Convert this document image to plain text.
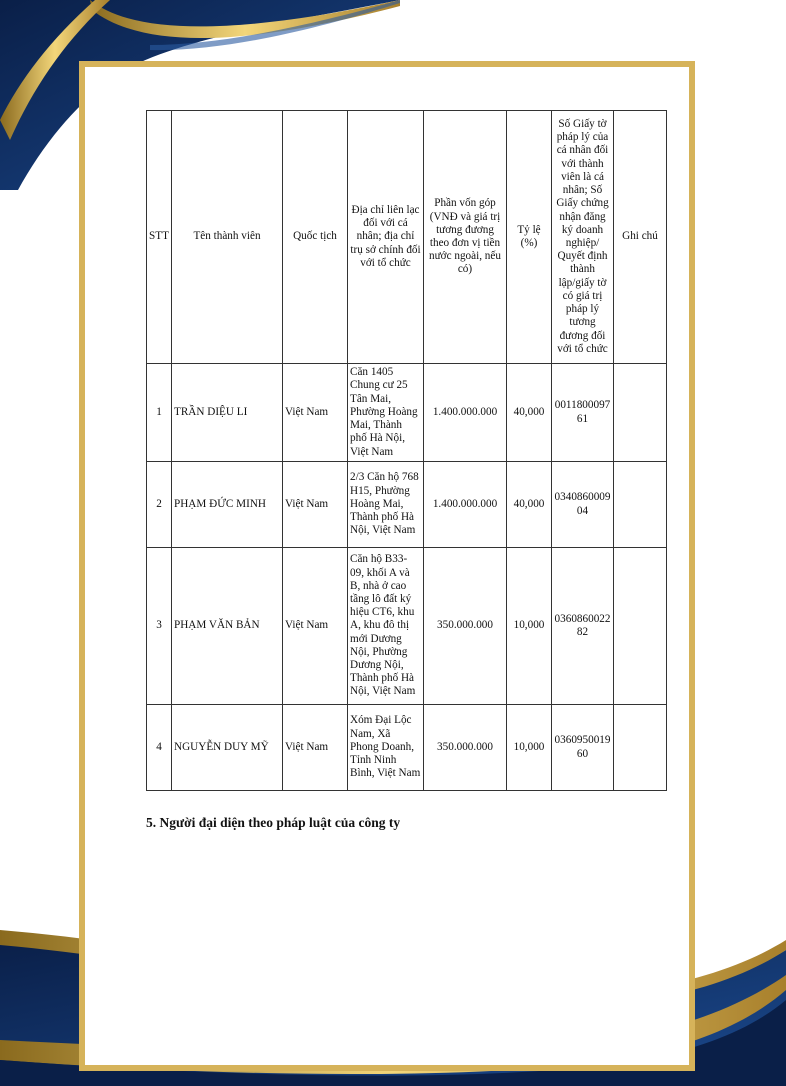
STT	Tên thành viên	Quốc tịch	Địa chỉ liên lạc đối với cá nhân; địa chỉ trụ sở chính đối với tổ chức	Phần vốn góp (VNĐ và giá trị tương đương theo đơn vị tiền nước ngoài, nếu có)	Tỷ lệ (%)	Số Giấy tờ pháp lý của cá nhân đối với thành viên là cá nhân; Số Giấy chứng nhận đăng ký doanh nghiệp/ Quyết định thành lập/giấy tờ có giá trị pháp lý tương đương đối với tổ chức	Ghi chú
1	TRẦN DIỆU LI	Việt Nam	Căn 1405 Chung cư 25 Tân Mai, Phường Hoàng Mai, Thành phố Hà Nội, Việt Nam	1.400.000.000	40,000	001180009761	
2	PHẠM ĐỨC MINH	Việt Nam	2/3 Căn hộ 768 H15, Phường Hoàng Mai, Thành phố Hà Nội, Việt Nam	1.400.000.000	40,000	034086000904	
3	PHẠM VĂN BẢN	Việt Nam	Căn hộ B33-09, khối A và B, nhà ở cao tầng lô đất ký hiệu CT6, khu A, khu đô thị mới Dương Nội, Phường Dương Nội, Thành phố Hà Nội, Việt Nam	350.000.000	10,000	036086002282	
4	NGUYỄN DUY MỸ	Việt Nam	Xóm Đại Lộc Nam, Xã Phong Doanh, Tỉnh Ninh Bình, Việt Nam	350.000.000	10,000	036095001960	
5. Người đại diện theo pháp luật của công ty
